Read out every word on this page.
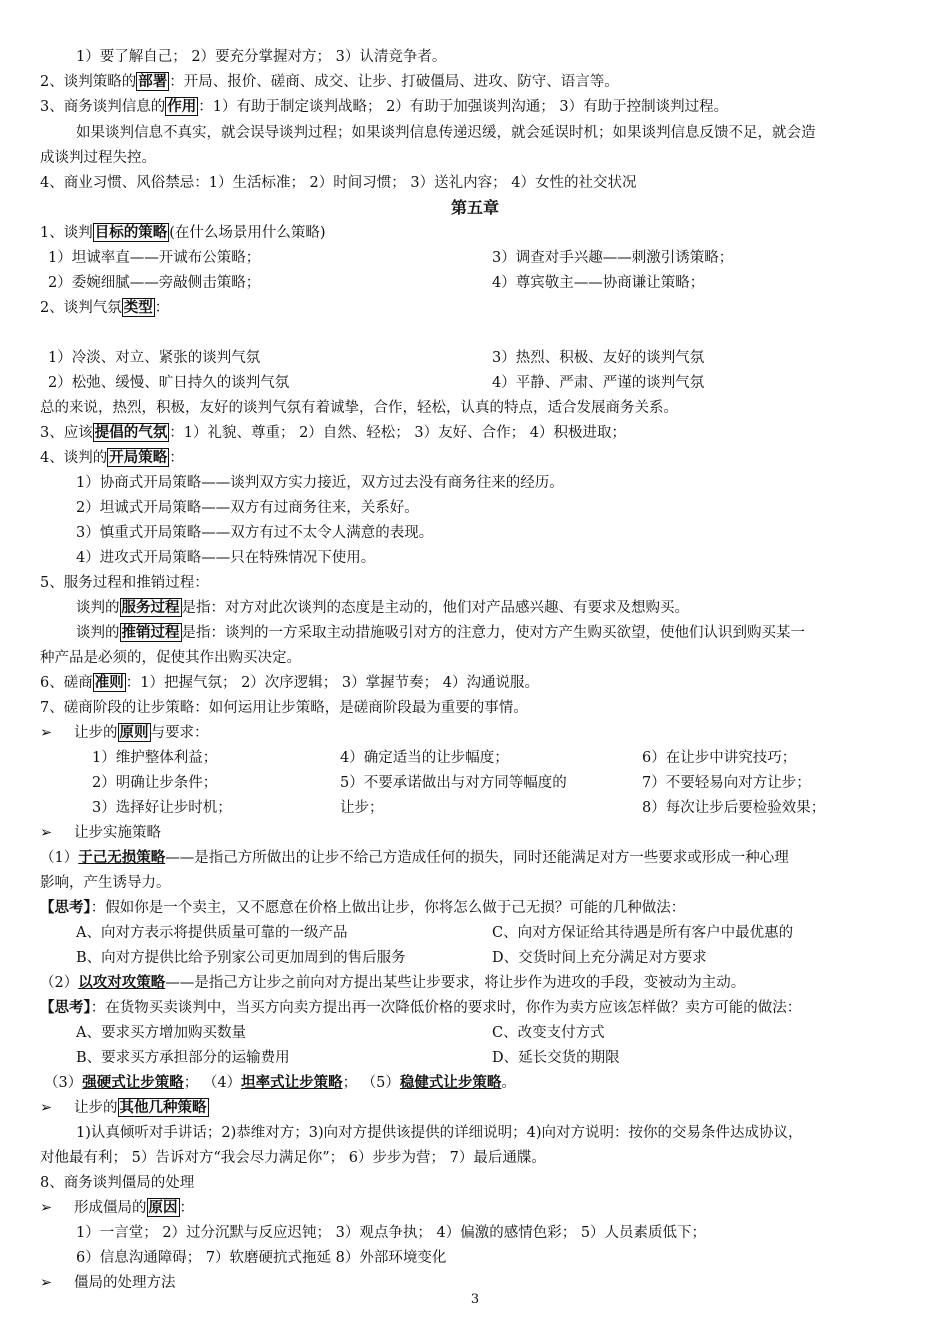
1）要了解自己； 2）要充分掌握对方； 3）认清竞争者。
2、谈判策略的 部署 ：开局、报价、磋商、成交、让步、打破僵局、进攻、防守、语言等。
3、商务谈判信息的 作用 ：1）有助于制定谈判战略； 2）有助于加强谈判沟通； 3）有助于控制谈判过程。
如果谈判信息不真实，就会误导谈判过程；如果谈判信息传递迟缓，就会延误时机；如果谈判信息反馈不足，就会造
成谈判过程失控。
4、商业习惯、风俗禁忌：1）生活标准； 2）时间习惯； 3）送礼内容； 4）女性的社交状况
第五章
1、谈判 目标的策略 (在什么场景用什么策略)
1）坦诚率直——开诚布公策略；	3）调查对手兴趣——刺激引诱策略；
2）委婉细腻——旁敲侧击策略；	4）尊宾敬主——协商谦让策略；
2、谈判气氛 类型 ：
1）冷淡、对立、紧张的谈判气氛	3）热烈、积极、友好的谈判气氛
2）松弛、缓慢、旷日持久的谈判气氛	4）平静、严肃、严谨的谈判气氛
总的来说，热烈，积极，友好的谈判气氛有着诚挚，合作，轻松，认真的特点，适合发展商务关系。
3、应该 提倡的气氛 ：1）礼貌、尊重； 2）自然、轻松； 3）友好、合作； 4）积极进取；
4、谈判的 开局策略 ：
1）协商式开局策略——谈判双方实力接近，双方过去没有商务往来的经历。
2）坦诚式开局策略——双方有过商务往来，关系好。
3）慎重式开局策略——双方有过不太令人满意的表现。
4）进攻式开局策略——只在特殊情况下使用。
5、服务过程和推销过程：
谈判的 服务过程 是指：对方对此次谈判的态度是主动的，他们对产品感兴趣、有要求及想购买。
谈判的 推销过程 是指：谈判的一方采取主动措施吸引对方的注意力，使对方产生购买欲望，使他们认识到购买某一
种产品是必须的，促使其作出购买决定。
6、磋商 准则 ：1）把握气氛； 2）次序逻辑； 3）掌握节奏； 4）沟通说服。
7、磋商阶段的让步策略：如何运用让步策略，是磋商阶段最为重要的事情。
➢ 让步的 原则 与要求：
1）维护整体利益；	4）确定适当的让步幅度；	6）在让步中讲究技巧；
2）明确让步条件；	5）不要承诺做出与对方同等幅度的	7）不要轻易向对方让步；
3）选择好让步时机；	让步；	8）每次让步后要检验效果；
➢ 让步实施策略
（1）于己无损策略——是指己方所做出的让步不给己方造成任何的损失，同时还能满足对方一些要求或形成一种心理
影响，产生诱导力。
【思考】：假如你是一个卖主，又不愿意在价格上做出让步，你将怎么做于己无损？可能的几种做法：
A、向对方表示将提供质量可靠的一级产品	C、向对方保证给其待遇是所有客户中最优惠的
B、向对方提供比给予别家公司更加周到的售后服务	D、交货时间上充分满足对方要求
（2）以攻对攻策略——是指己方让步之前向对方提出某些让步要求，将让步作为进攻的手段，变被动为主动。
【思考】：在货物买卖谈判中，当买方向卖方提出再一次降低价格的要求时，你作为卖方应该怎样做？卖方可能的做法：
A、要求买方增加购买数量	C、改变支付方式
B、要求买方承担部分的运输费用	D、延长交货的期限
（3）强硬式让步策略； （4）坦率式让步策略； （5）稳健式让步策略。
➢ 让步的 其他几种策略
1)认真倾听对手讲话；2)恭维对方；3)向对方提供该提供的详细说明；4)向对方说明：按你的交易条件达成协议，
对他最有利； 5）告诉对方“我会尽力满足你”； 6）步步为营； 7）最后通牒。
8、商务谈判僵局的处理
➢ 形成僵局的 原因 ：
1）一言堂； 2）过分沉默与反应迟钝； 3）观点争执； 4）偏激的感情色彩； 5）人员素质低下；
6）信息沟通障碍； 7）软磨硬抗式拖延 8）外部环境变化
➢ 僵局的处理方法
3
